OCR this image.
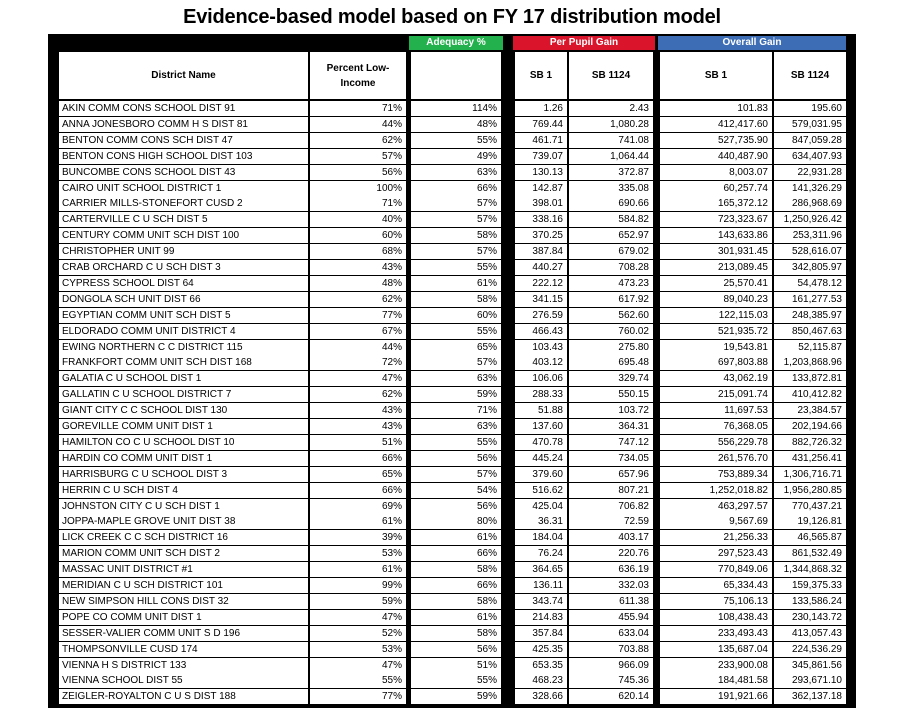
Evidence-based model based on FY 17 distribution model
Adequacy %	Per Pupil Gain	Overall Gain
District Name
Percent Low-Income
SB 1	SB 1124	SB 1	SB 1124
AKIN COMM CONS SCHOOL DIST 91	71%	114%	1.26	2.43	101.83	195.60
ANNA JONESBORO COMM H S DIST 81	44%	48%	769.44	1,080.28	412,417.60	579,031.95
BENTON COMM CONS SCH DIST 47	62%	55%	461.71	741.08	527,735.90	847,059.28
BENTON CONS HIGH SCHOOL DIST 103	57%	49%	739.07	1,064.44	440,487.90	634,407.93
BUNCOMBE CONS SCHOOL DIST 43	56%	63%	130.13	372.87	8,003.07	22,931.28
CAIRO UNIT SCHOOL DISTRICT 1	100%	66%	142.87	335.08	60,257.74	141,326.29
CARRIER MILLS-STONEFORT CUSD 2	71%	57%	398.01	690.66	165,372.12	286,968.69
CARTERVILLE C U SCH DIST 5	40%	57%	338.16	584.82	723,323.67	1,250,926.42
CENTURY COMM UNIT SCH DIST 100	60%	58%	370.25	652.97	143,633.86	253,311.96
CHRISTOPHER UNIT 99	68%	57%	387.84	679.02	301,931.45	528,616.07
CRAB ORCHARD C U SCH DIST 3	43%	55%	440.27	708.28	213,089.45	342,805.97
CYPRESS SCHOOL DIST 64	48%	61%	222.12	473.23	25,570.41	54,478.12
DONGOLA SCH UNIT DIST 66	62%	58%	341.15	617.92	89,040.23	161,277.53
EGYPTIAN COMM UNIT SCH DIST 5	77%	60%	276.59	562.60	122,115.03	248,385.97
ELDORADO COMM UNIT DISTRICT 4	67%	55%	466.43	760.02	521,935.72	850,467.63
EWING NORTHERN C C DISTRICT 115	44%	65%	103.43	275.80	19,543.81	52,115.87
FRANKFORT COMM UNIT SCH DIST 168	72%	57%	403.12	695.48	697,803.88	1,203,868.96
GALATIA C U SCHOOL DIST 1	47%	63%	106.06	329.74	43,062.19	133,872.81
GALLATIN C U SCHOOL DISTRICT 7	62%	59%	288.33	550.15	215,091.74	410,412.82
GIANT CITY C C SCHOOL DIST 130	43%	71%	51.88	103.72	11,697.53	23,384.57
GOREVILLE COMM UNIT DIST 1	43%	63%	137.60	364.31	76,368.05	202,194.66
HAMILTON CO C U SCHOOL DIST 10	51%	55%	470.78	747.12	556,229.78	882,726.32
HARDIN CO COMM UNIT DIST 1	66%	56%	445.24	734.05	261,576.70	431,256.41
HARRISBURG C U SCHOOL DIST 3	65%	57%	379.60	657.96	753,889.34	1,306,716.71
HERRIN C U SCH DIST 4	66%	54%	516.62	807.21	1,252,018.82	1,956,280.85
JOHNSTON CITY C U SCH DIST 1	69%	56%	425.04	706.82	463,297.57	770,437.21
JOPPA-MAPLE GROVE UNIT DIST 38	61%	80%	36.31	72.59	9,567.69	19,126.81
LICK CREEK C C SCH DISTRICT 16	39%	61%	184.04	403.17	21,256.33	46,565.87
MARION COMM UNIT SCH DIST 2	53%	66%	76.24	220.76	297,523.43	861,532.49
MASSAC UNIT DISTRICT #1	61%	58%	364.65	636.19	770,849.06	1,344,868.32
MERIDIAN C U SCH DISTRICT 101	99%	66%	136.11	332.03	65,334.43	159,375.33
NEW SIMPSON HILL CONS DIST 32	59%	58%	343.74	611.38	75,106.13	133,586.24
POPE CO COMM UNIT DIST 1	47%	61%	214.83	455.94	108,438.43	230,143.72
SESSER-VALIER COMM UNIT S D 196	52%	58%	357.84	633.04	233,493.43	413,057.43
THOMPSONVILLE CUSD 174	53%	56%	425.35	703.88	135,687.04	224,536.29
VIENNA H S DISTRICT 133	47%	51%	653.35	966.09	233,900.08	345,861.56
VIENNA SCHOOL DIST 55	55%	55%	468.23	745.36	184,481.58	293,671.10
ZEIGLER-ROYALTON C U S DIST 188	77%	59%	328.66	620.14	191,921.66	362,137.18
